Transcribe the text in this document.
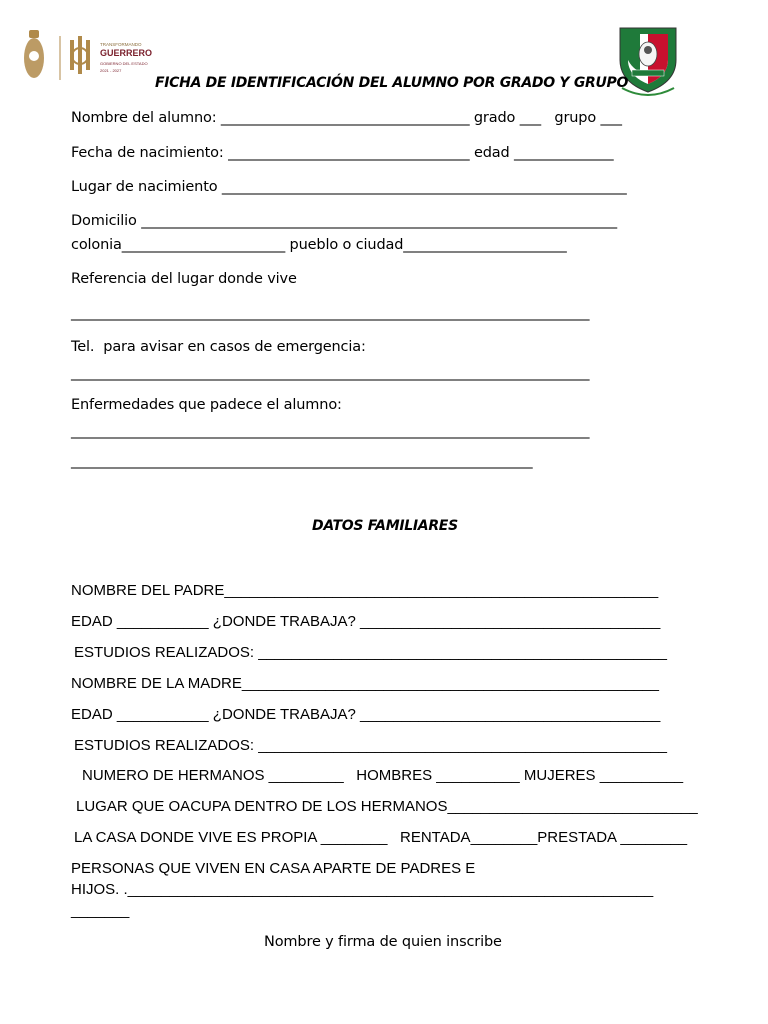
TRANSFORMANDO
GUERRERO
GOBIERNO DEL ESTADO
2021 - 2027
FICHA DE IDENTIFICACIÓN DEL ALUMNO POR GRADO Y GRUPO
Nombre del alumno: ___________________________________ grado ___   grupo ___
Fecha de nacimiento: __________________________________ edad ______________
Lugar de nacimiento _________________________________________________________
Domicilio ___________________________________________________________________
colonia_______________________ pueblo o ciudad_______________________
Referencia del lugar donde vive
_________________________________________________________________________
Tel.  para avisar en casos de emergencia:
_________________________________________________________________________
Enfermedades que padece el alumno:
_________________________________________________________________________
_________________________________________________________________
DATOS FAMILIARES
NOMBRE DEL PADRE____________________________________________________
EDAD ___________ ¿DONDE TRABAJA? ____________________________________
ESTUDIOS REALIZADOS: _________________________________________________
NOMBRE DE LA MADRE__________________________________________________
EDAD ___________ ¿DONDE TRABAJA? ____________________________________
ESTUDIOS REALIZADOS: _________________________________________________
NUMERO DE HERMANOS _________   HOMBRES __________ MUJERES __________
LUGAR QUE OACUPA DENTRO DE LOS HERMANOS______________________________
LA CASA DONDE VIVE ES PROPIA ________   RENTADA________PRESTADA ________
PERSONAS QUE VIVEN EN CASA APARTE DE PADRES E
HIJOS. ._______________________________________________________________
_______
Nombre y firma de quien inscribe
